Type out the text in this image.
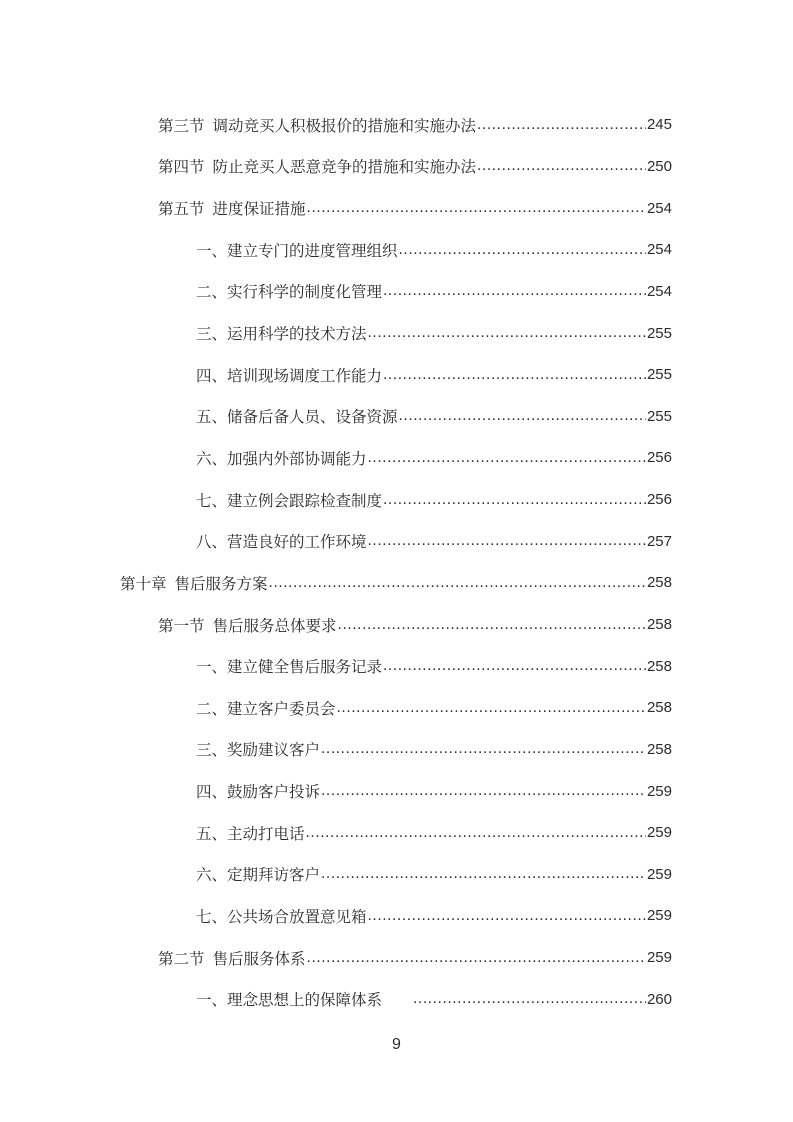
第三节 调动竞买人积极报价的措施和实施办法 .....	245
第四节 防止竞买人恶意竞争的措施和实施办法 .....	250
第五节 进度保证措施 .....	254
一、建立专门的进度管理组织 .....	254
二、实行科学的制度化管理 .....	254
三、运用科学的技术方法 .....	255
四、培训现场调度工作能力 .....	255
五、储备后备人员、设备资源 .....	255
六、加强内外部协调能力 .....	256
七、建立例会跟踪检查制度 .....	256
八、营造良好的工作环境 .....	257
第十章 售后服务方案 .....	258
第一节 售后服务总体要求 .....	258
一、建立健全售后服务记录 .....	258
二、建立客户委员会 .....	258
三、奖励建议客户 .....	258
四、鼓励客户投诉 .....	259
五、主动打电话 .....	259
六、定期拜访客户 .....	259
七、公共场合放置意见箱 .....	259
第二节 售后服务体系 .....	259
一、理念思想上的保障体系 .....	260
9
